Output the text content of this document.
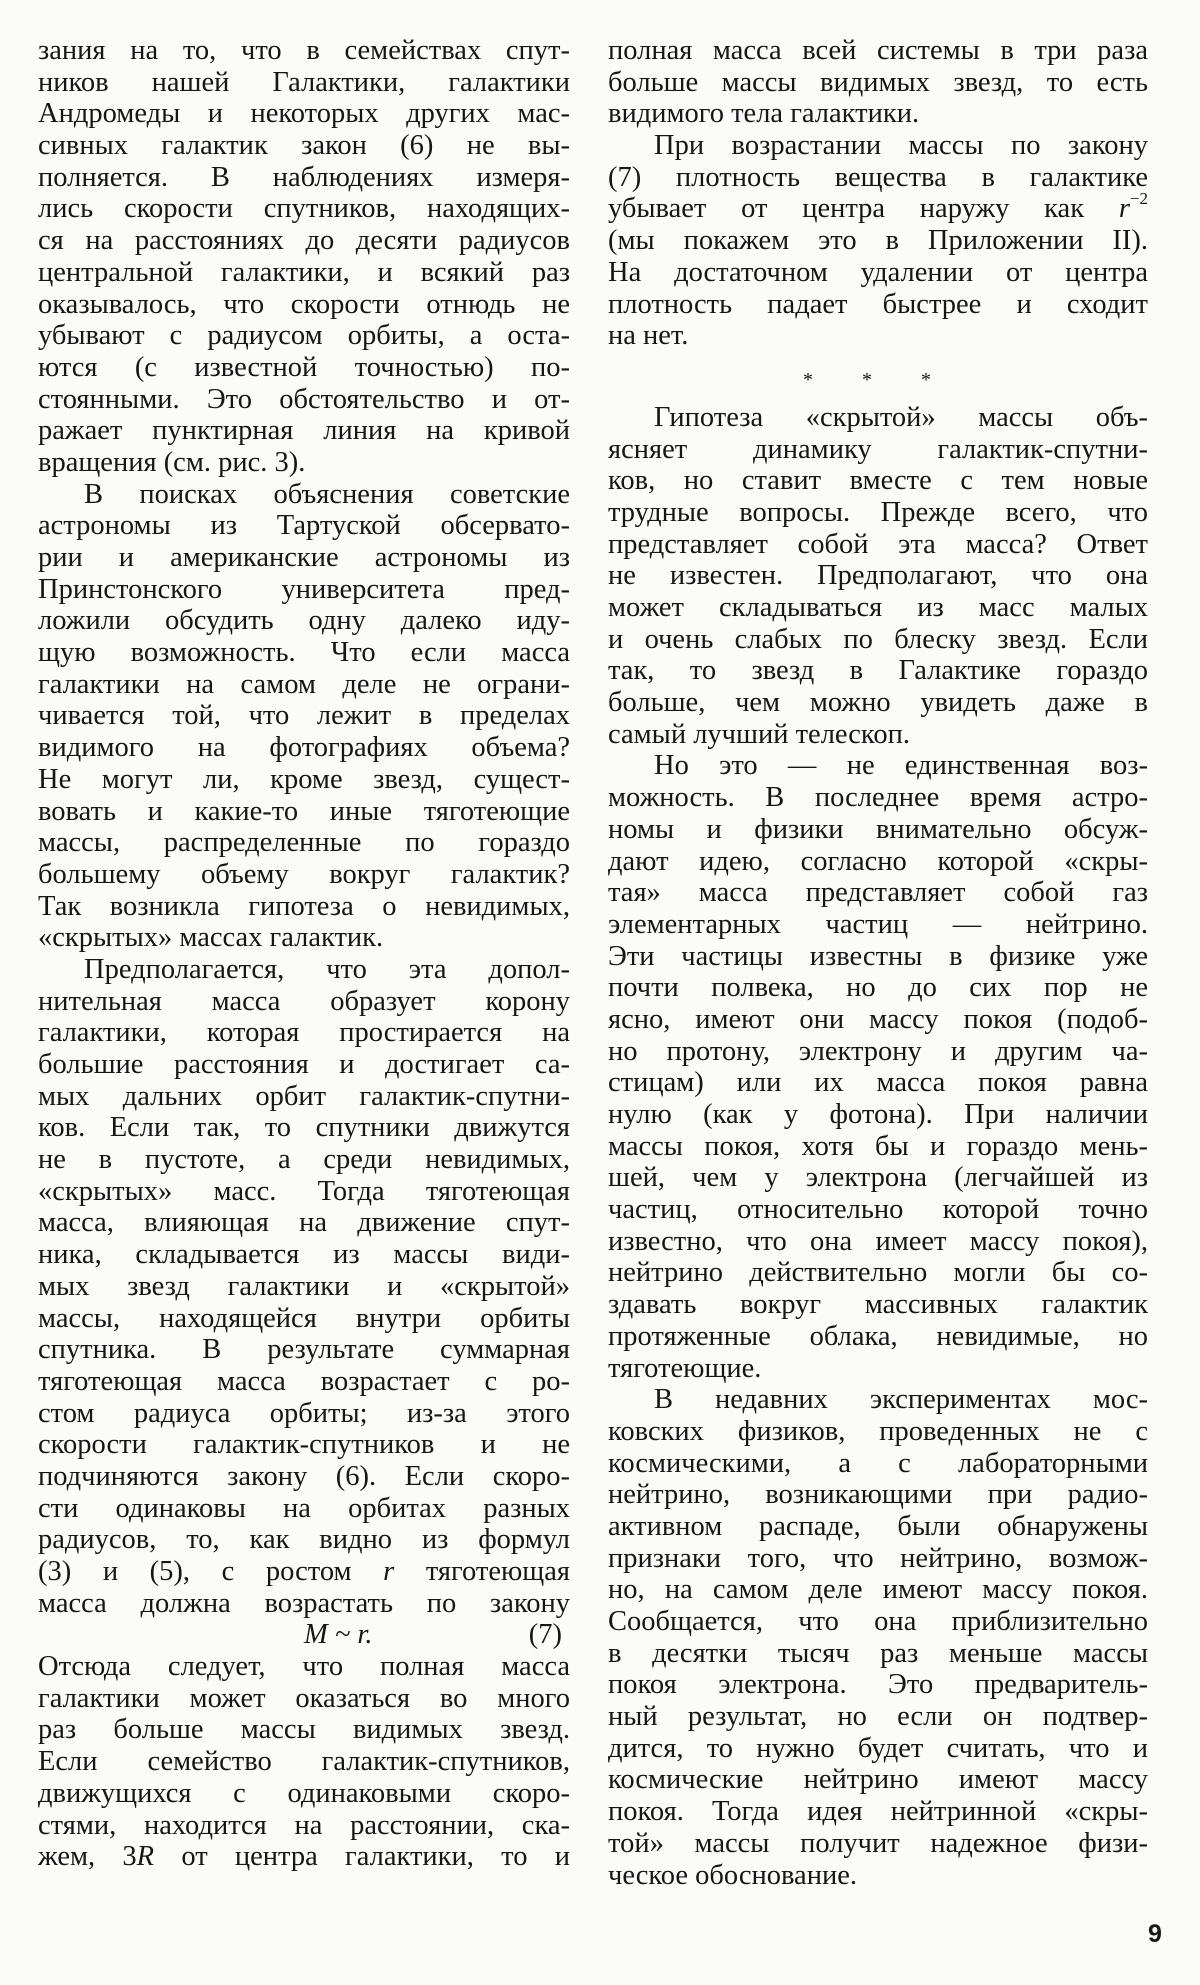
зания на то, что в семействах спут-
ников нашей Галактики, галактики
Андромеды и некоторых других мас-
сивных галактик закон (6) не вы-
полняется. В наблюдениях измеря-
лись скорости спутников, находящих-
ся на расстояниях до десяти радиусов
центральной галактики, и всякий раз
оказывалось, что скорости отнюдь не
убывают с радиусом орбиты, а оста-
ются (с известной точностью) по-
стоянными. Это обстоятельство и от-
ражает пунктирная линия на кривой
вращения (см. рис. 3).
В поисках объяснения советские
астрономы из Тартуской обсервато-
рии и американские астрономы из
Принстонского университета пред-
ложили обсудить одну далеко иду-
щую возможность. Что если масса
галактики на самом деле не ограни-
чивается той, что лежит в пределах
видимого на фотографиях объема?
Не могут ли, кроме звезд, сущест-
вовать и какие-то иные тяготеющие
массы, распределенные по гораздо
большему объему вокруг галактик?
Так возникла гипотеза о невидимых,
«скрытых» массах галактик.
Предполагается, что эта допол-
нительная масса образует корону
галактики, которая простирается на
большие расстояния и достигает са-
мых дальних орбит галактик-спутни-
ков. Если так, то спутники движутся
не в пустоте, а среди невидимых,
«скрытых» масс. Тогда тяготеющая
масса, влияющая на движение спут-
ника, складывается из массы види-
мых звезд галактики и «скрытой»
массы, находящейся внутри орбиты
спутника. В результате суммарная
тяготеющая масса возрастает с ро-
стом радиуса орбиты; из-за этого
скорости галактик-спутников и не
подчиняются закону (6). Если скоро-
сти одинаковы на орбитах разных
радиусов, то, как видно из формул
(3) и (5), с ростом r тяготеющая
масса должна возрастать по закону
M ~ r.	(7)
Отсюда следует, что полная масса
галактики может оказаться во много
раз больше массы видимых звезд.
Если семейство галактик-спутников,
движущихся с одинаковыми скоро-
стями, находится на расстоянии, ска-
жем, 3R от центра галактики, то и
полная масса всей системы в три раза
больше массы видимых звезд, то есть
видимого тела галактики.
При возрастании массы по закону
(7) плотность вещества в галактике
убывает от центра наружу как $r^{-2}$
(мы покажем это в Приложении II).
На достаточном удалении от центра
плотность падает быстрее и сходит
на нет.
* * *
Гипотеза «скрытой» массы объ-
ясняет динамику галактик-спутни-
ков, но ставит вместе с тем новые
трудные вопросы. Прежде всего, что
представляет собой эта масса? Ответ
не известен. Предполагают, что она
может складываться из масс малых
и очень слабых по блеску звезд. Если
так, то звезд в Галактике гораздо
больше, чем можно увидеть даже в
самый лучший телескоп.
Но это — не единственная воз-
можность. В последнее время астро-
номы и физики внимательно обсуж-
дают идею, согласно которой «скры-
тая» масса представляет собой газ
элементарных частиц — нейтрино.
Эти частицы известны в физике уже
почти полвека, но до сих пор не
ясно, имеют они массу покоя (подоб-
но протону, электрону и другим ча-
стицам) или их масса покоя равна
нулю (как у фотона). При наличии
массы покоя, хотя бы и гораздо мень-
шей, чем у электрона (легчайшей из
частиц, относительно которой точно
известно, что она имеет массу покоя),
нейтрино действительно могли бы со-
здавать вокруг массивных галактик
протяженные облака, невидимые, но
тяготеющие.
В недавних экспериментах мос-
ковских физиков, проведенных не с
космическими, а с лабораторными
нейтрино, возникающими при радио-
активном распаде, были обнаружены
признаки того, что нейтрино, возмож-
но, на самом деле имеют массу покоя.
Сообщается, что она приблизительно
в десятки тысяч раз меньше массы
покоя электрона. Это предваритель-
ный результат, но если он подтвер-
дится, то нужно будет считать, что и
космические нейтрино имеют массу
покоя. Тогда идея нейтринной «скры-
той» массы получит надежное физи-
ческое обоснование.
9
